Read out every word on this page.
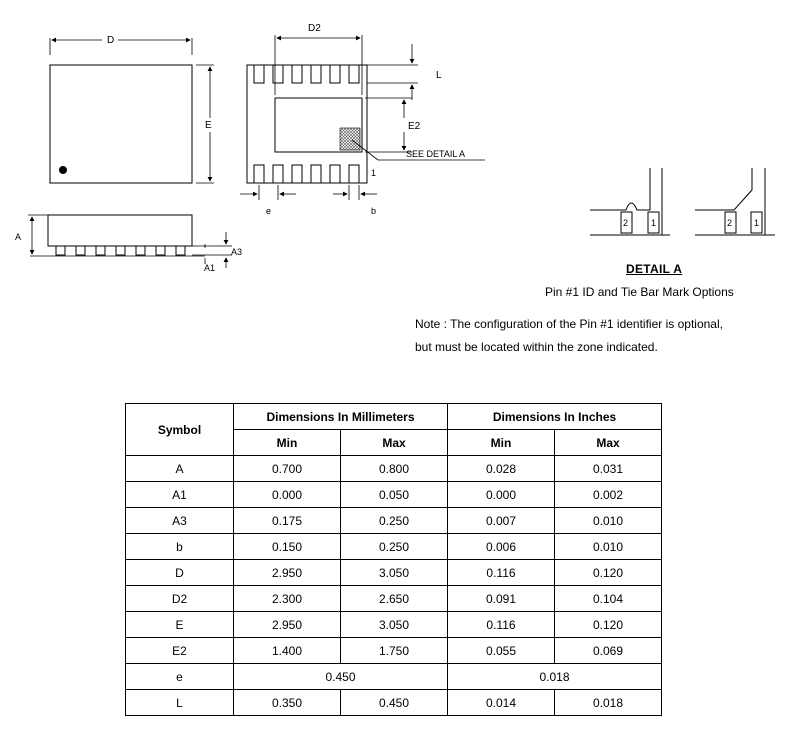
D
E
1
D2
L
E2
SEE DETAIL A
e	b
A
A3
A1
2	1	2 1
DETAIL A
Pin #1 ID and Tie Bar Mark Options
Note : The configuration of the Pin #1 identifier is optional,
but must be located within the zone indicated.
Symbol	Dimensions In Millimeters		Dimensions In Inches	
	Min	Max	Min	Max
A	0.700	0.800	0.028	0.031
A1	0.000	0.050	0.000	0.002
A3	0.175	0.250	0.007	0.010
b	0.150	0.250	0.006	0.010
D	2.950	3.050	0.116	0.120
D2	2.300	2.650	0.091	0.104
E	2.950	3.050	0.116	0.120
E2	1.400	1.750	0.055	0.069
e	0.450		0.018	
L	0.350	0.450	0.014	0.018
